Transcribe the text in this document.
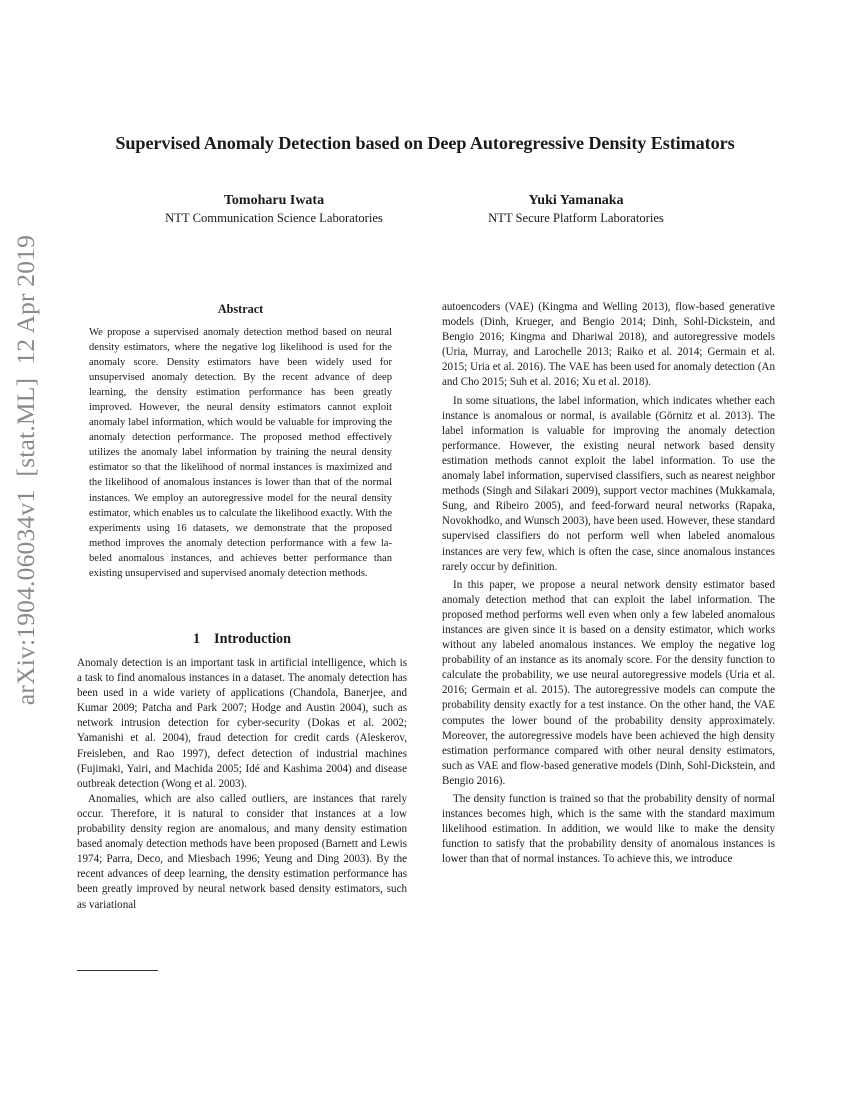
Supervised Anomaly Detection based on Deep Autoregressive Density Estimators
Tomoharu Iwata
NTT Communication Science Laboratories
Yuki Yamanaka
NTT Secure Platform Laboratories
arXiv:1904.06034v1  [stat.ML]  12 Apr 2019	Abstract

We propose a supervised anomaly detection method based on neural density estimators, where the negative log likelihood is used for the anomaly score. Density estimators have been widely used for unsupervised anomaly detection. By the recent advance of deep learning, the density estimation performance has been greatly improved. However, the neural density estimators cannot exploit anomaly label information, which would be valuable for improving the anomaly detection performance. The proposed method effectively utilizes the anomaly label information by training the neural density estimator so that the likelihood of normal instances is maximized and the likelihood of anomalous instances is lower than that of the normal instances. We employ an autoregressive model for the neural density estimator, which enables us to calculate the likelihood exactly. With the experiments using 16 datasets, we demonstrate that the proposed method improves the anomaly detection performance with a few labeled anomalous instances, and achieves better performance than existing unsupervised and supervised anomaly detection methods.

1 Introduction

Anomaly detection is an important task in artificial intelligence, which is a task to find anomalous instances in a dataset. The anomaly detection has been used in a wide variety of applications (Chandola, Banerjee, and Kumar 2009; Patcha and Park 2007; Hodge and Austin 2004), such as network intrusion detection for cyber-security (Dokas et al. 2002; Yamanishi et al. 2004), fraud detection for credit cards (Aleskerov, Freisleben, and Rao 1997), defect detection of industrial machines (Fujimaki, Yairi, and Machida 2005; Idé and Kashima 2004) and disease outbreak detection (Wong et al. 2003).

Anomalies, which are also called outliers, are instances that rarely occur. Therefore, it is natural to consider that instances at a low probability density region are anomalous, and many density estimation based anomaly detection methods have been proposed (Barnett and Lewis 1974; Parra, Deco, and Miesbach 1996; Yeung and Ding 2003). By the recent advances of deep learning, the density estimation performance has been greatly improved by neural network based density estimators, such as variational

autoencoders (VAE) (Kingma and Welling 2013), flow-based generative models (Dinh, Krueger, and Bengio 2014; Dinh, Sohl-Dickstein, and Bengio 2016; Kingma and Dhariwal 2018), and autoregressive models (Uria, Murray, and Larochelle 2013; Raiko et al. 2014; Germain et al. 2015; Uria et al. 2016). The VAE has been used for anomaly detection (An and Cho 2015; Suh et al. 2016; Xu et al. 2018).

In some situations, the label information, which indicates whether each instance is anomalous or normal, is available (Görnitz et al. 2013). The label information is valuable for improving the anomaly detection performance. However, the existing neural network based density estimation methods cannot exploit the label information. To use the anomaly label information, supervised classifiers, such as nearest neighbor methods (Singh and Silakari 2009), support vector machines (Mukkamala, Sung, and Ribeiro 2005), and feed-forward neural networks (Rapaka, Novokhodko, and Wunsch 2003), have been used. However, these standard supervised classifiers do not perform well when labeled anomalous instances are very few, which is often the case, since anomalous instances rarely occur by definition.

In this paper, we propose a neural network density estimator based anomaly detection method that can exploit the label information. The proposed method performs well even when only a few labeled anomalous instances are given since it is based on a density estimator, which works without any labeled anomalous instances. We employ the negative log probability of an instance as its anomaly score. For the density function to calculate the probability, we use neural autoregressive models (Uria et al. 2016; Germain et al. 2015). The autoregressive models can compute the probability density exactly for a test instance. On the other hand, the VAE computes the lower bound of the probability density approximately. Moreover, the autoregressive models have been achieved the high density estimation performance compared with other neural density estimators, such as VAE and flow-based generative models (Dinh, Sohl-Dickstein, and Bengio 2016).

The density function is trained so that the probability density of normal instances becomes high, which is the same with the standard maximum likelihood estimation. In addition, we would like to make the density function to satisfy that the probability density of anomalous instances is lower than that of normal instances. To achieve this, we introduce
